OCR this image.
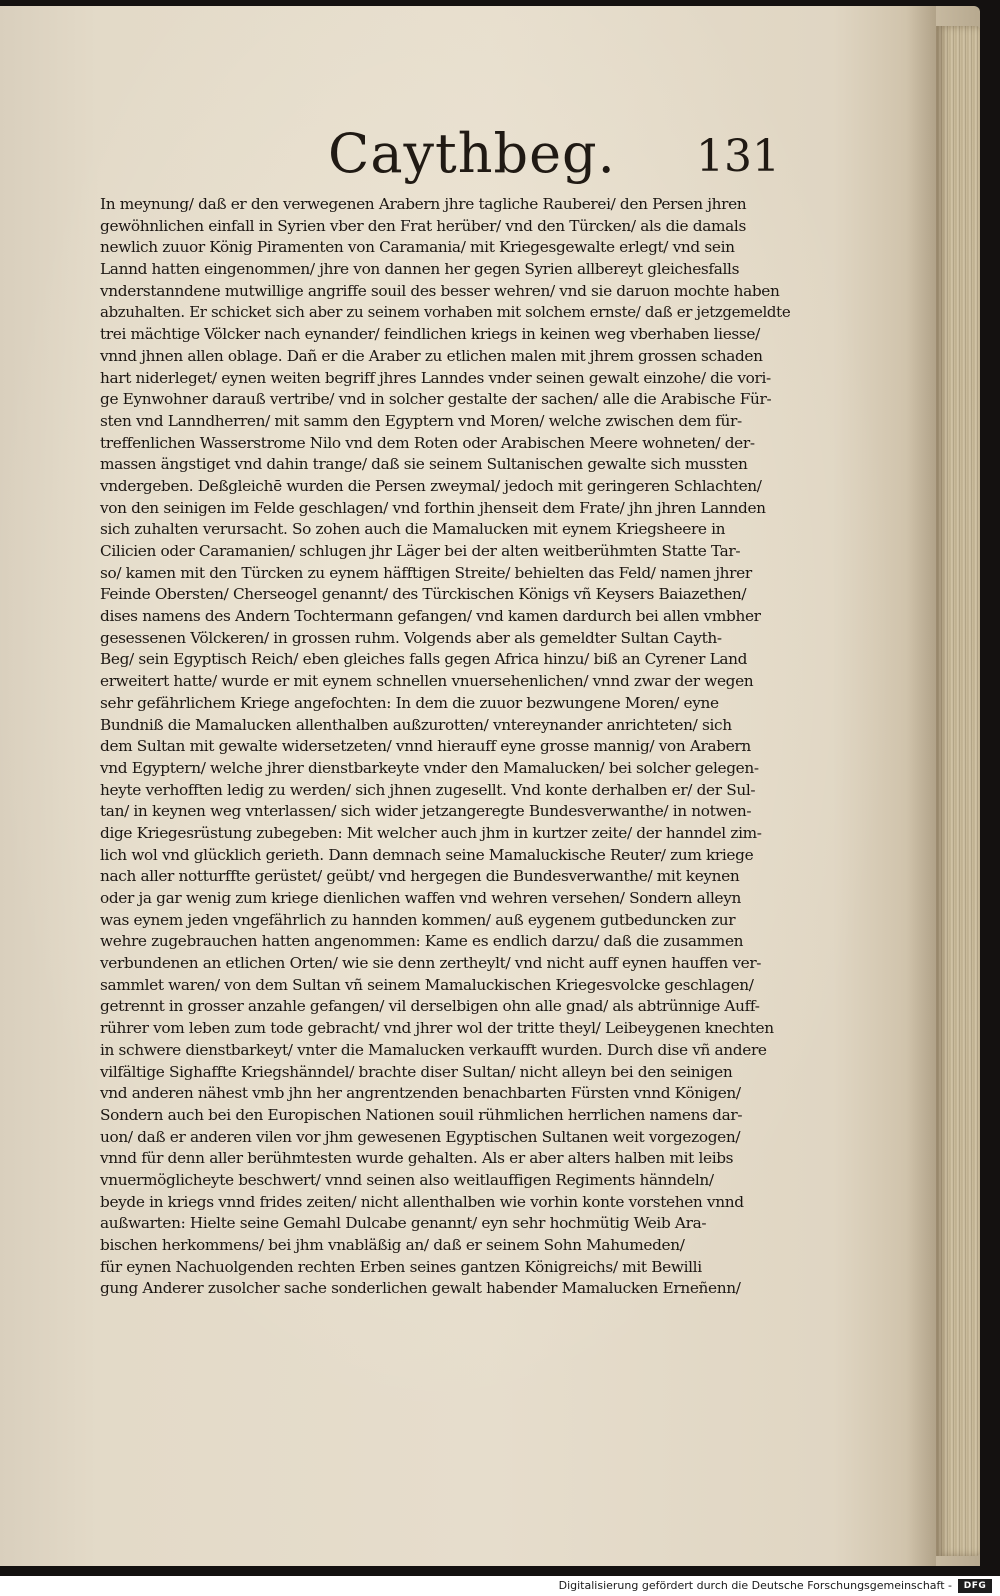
Caythbeg. 131
In meynung/ daß er den verwegenen Arabern jhre tagliche Rauberei/ den Persen jhren
gewöhnlichen einfall in Syrien vber den Frat herüber/ vnd den Türcken/ als die damals
newlich zuuor König Piramenten von Caramania/ mit Kriegesgewalte erlegt/ vnd sein
Lannd hatten eingenommen/ jhre von dannen her gegen Syrien allbereyt gleichesfalls
vnderstanndene mutwillige angriffe souil des besser wehren/ vnd sie daruon mochte haben
abzuhalten. Er schicket sich aber zu seinem vorhaben mit solchem ernste/ daß er jetzgemeldte
trei mächtige Völcker nach eynander/ feindlichen kriegs in keinen weg vberhaben liesse/
vnnd jhnen allen oblage. Dañ er die Araber zu etlichen malen mit jhrem grossen schaden
hart niderleget/ eynen weiten begriff jhres Lanndes vnder seinen gewalt einzohe/ die vori-
ge Eynwohner darauß vertribe/ vnd in solcher gestalte der sachen/ alle die Arabische Für-
sten vnd Lanndherren/ mit samm den Egyptern vnd Moren/ welche zwischen dem für-
treffenlichen Wasserstrome Nilo vnd dem Roten oder Arabischen Meere wohneten/ der-
massen ängstiget vnd dahin trange/ daß sie seinem Sultanischen gewalte sich mussten
vndergeben. Deßgleichē wurden die Persen zweymal/ jedoch mit geringeren Schlachten/
von den seinigen im Felde geschlagen/ vnd forthin jhenseit dem Frate/ jhn jhren Lannden
sich zuhalten verursacht. So zohen auch die Mamalucken mit eynem Kriegsheere in
Cilicien oder Caramanien/ schlugen jhr Läger bei der alten weitberühmten Statte Tar-
so/ kamen mit den Türcken zu eynem häfftigen Streite/ behielten das Feld/ namen jhrer
Feinde Obersten/ Cherseogel genannt/ des Türckischen Königs vñ Keysers Baiazethen/
dises namens des Andern Tochtermann gefangen/ vnd kamen dardurch bei allen vmbher
gesessenen Völckeren/ in grossen ruhm. Volgends aber als gemeldter Sultan Cayth-
Beg/ sein Egyptisch Reich/ eben gleiches falls gegen Africa hinzu/ biß an Cyrener Land
erweitert hatte/ wurde er mit eynem schnellen vnuersehenlichen/ vnnd zwar der wegen
sehr gefährlichem Kriege angefochten: In dem die zuuor bezwungene Moren/ eyne
Bundniß die Mamalucken allenthalben außzurotten/ vntereynander anrichteten/ sich
dem Sultan mit gewalte widersetzeten/ vnnd hierauff eyne grosse mannig/ von Arabern
vnd Egyptern/ welche jhrer dienstbarkeyte vnder den Mamalucken/ bei solcher gelegen-
heyte verhofften ledig zu werden/ sich jhnen zugesellt. Vnd konte derhalben er/ der Sul-
tan/ in keynen weg vnterlassen/ sich wider jetzangeregte Bundesverwanthe/ in notwen-
dige Kriegesrüstung zubegeben: Mit welcher auch jhm in kurtzer zeite/ der hanndel zim-
lich wol vnd glücklich gerieth. Dann demnach seine Mamaluckische Reuter/ zum kriege
nach aller notturffte gerüstet/ geübt/ vnd hergegen die Bundesverwanthe/ mit keynen
oder ja gar wenig zum kriege dienlichen waffen vnd wehren versehen/ Sondern alleyn
was eynem jeden vngefährlich zu hannden kommen/ auß eygenem gutbeduncken zur
wehre zugebrauchen hatten angenommen: Kame es endlich darzu/ daß die zusammen
verbundenen an etlichen Orten/ wie sie denn zertheylt/ vnd nicht auff eynen hauffen ver-
sammlet waren/ von dem Sultan vñ seinem Mamaluckischen Kriegesvolcke geschlagen/
getrennt in grosser anzahle gefangen/ vil derselbigen ohn alle gnad/ als abtrünnige Auff-
rührer vom leben zum tode gebracht/ vnd jhrer wol der tritte theyl/ Leibeygenen knechten
in schwere dienstbarkeyt/ vnter die Mamalucken verkaufft wurden. Durch dise vñ andere
vilfältige Sighaffte Kriegshänndel/ brachte diser Sultan/ nicht alleyn bei den seinigen
vnd anderen nähest vmb jhn her angrentzenden benachbarten Fürsten vnnd Königen/
Sondern auch bei den Europischen Nationen souil rühmlichen herrlichen namens dar-
uon/ daß er anderen vilen vor jhm gewesenen Egyptischen Sultanen weit vorgezogen/
vnnd für denn aller berühmtesten wurde gehalten. Als er aber alters halben mit leibs
vnuermöglicheyte beschwert/ vnnd seinen also weitlauffigen Regiments hänndeln/
beyde in kriegs vnnd frides zeiten/ nicht allenthalben wie vorhin konte vorstehen vnnd
außwarten: Hielte seine Gemahl Dulcabe genannt/ eyn sehr hochmütig Weib Ara-
bischen herkommens/ bei jhm vnabläßig an/ daß er seinem Sohn Mahumeden/
für eynen Nachuolgenden rechten Erben seines gantzen Königreichs/ mit Bewilli
gung Anderer zusolcher sache sonderlichen gewalt habender Mamalucken Erneñenn/
Digitalisierung gefördert durch die Deutsche Forschungsgemeinschaft -	DFG
